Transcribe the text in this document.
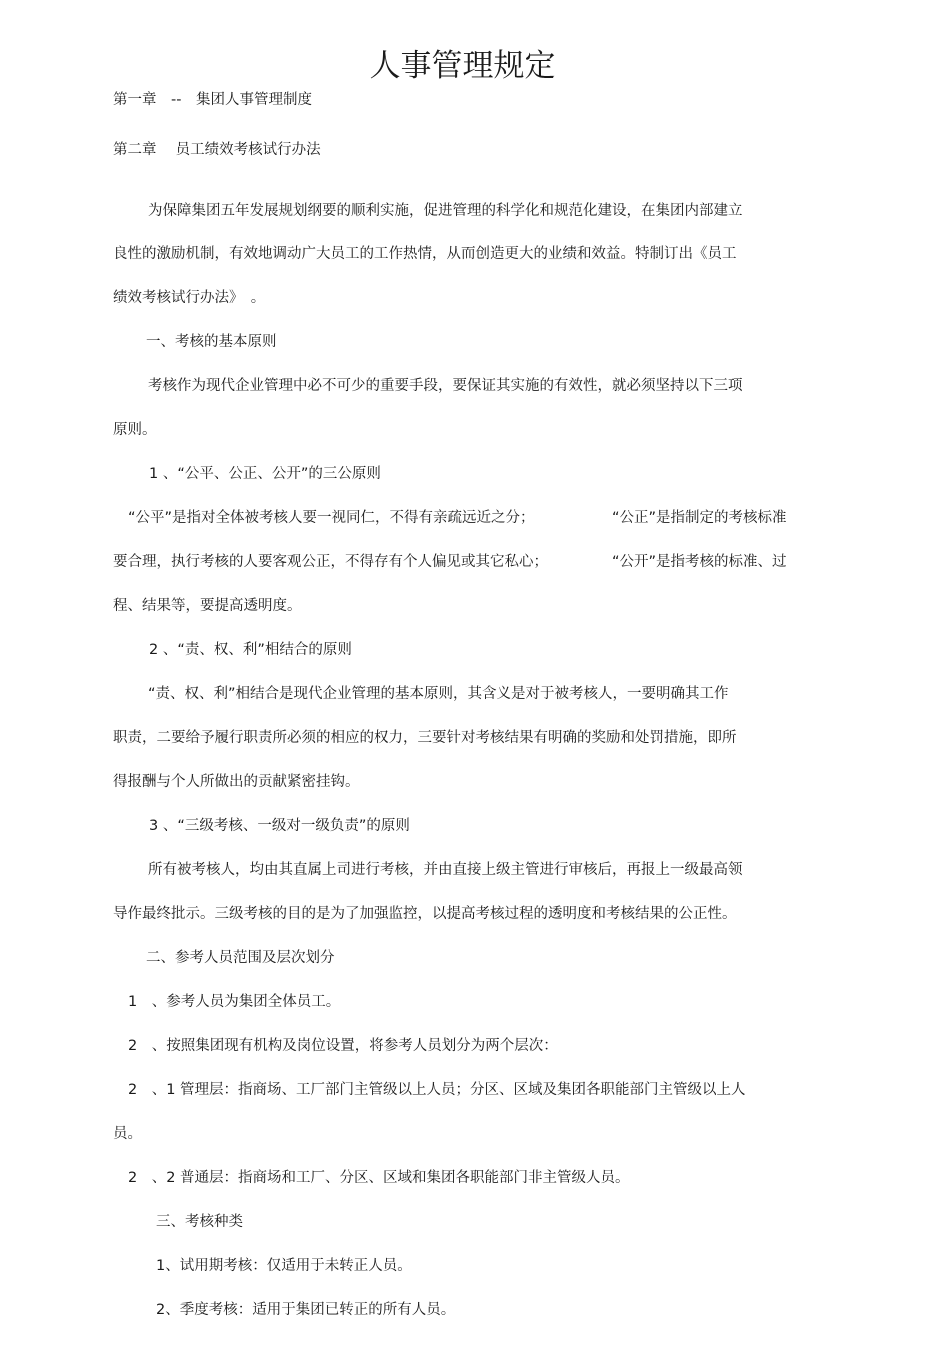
人事管理规定
第一章　--　集团人事管理制度
第二章　 员工绩效考核试行办法
为保障集团五年发展规划纲要的顺利实施，促进管理的科学化和规范化建设，在集团内部建立
良性的激励机制，有效地调动广大员工的工作热情，从而创造更大的业绩和效益。特制订出《员工
绩效考核试行办法》　。
一、考核的基本原则
考核作为现代企业管理中必不可少的重要手段，要保证其实施的有效性，就必须坚持以下三项
原则。
1 、“公平、公正、公开”的三公原则
“公平”是指对全体被考核人要一视同仁，不得有亲疏远近之分；	“公正”是指制定的考核标准
要合理，执行考核的人要客观公正，不得存有个人偏见或其它私心；	“公开”是指考核的标准、过
程、结果等，要提高透明度。
2 、“责、权、利”相结合的原则
“责、权、利”相结合是现代企业管理的基本原则，其含义是对于被考核人，一要明确其工作
职责，二要给予履行职责所必须的相应的权力，三要针对考核结果有明确的奖励和处罚措施，即所
得报酬与个人所做出的贡献紧密挂钩。
3 、“三级考核、一级对一级负责”的原则
所有被考核人，均由其直属上司进行考核，并由直接上级主管进行审核后，再报上一级最高领
导作最终批示。三级考核的目的是为了加强监控，以提高考核过程的透明度和考核结果的公正性。
二、参考人员范围及层次划分
1　、参考人员为集团全体员工。
2　、按照集团现有机构及岗位设置，将参考人员划分为两个层次：
2　、1 管理层：指商场、工厂部门主管级以上人员；分区、区域及集团各职能部门主管级以上人
员。
2　、2 普通层：指商场和工厂、分区、区域和集团各职能部门非主管级人员。
三、考核种类
1、试用期考核：仅适用于未转正人员。
2、季度考核：适用于集团已转正的所有人员。
